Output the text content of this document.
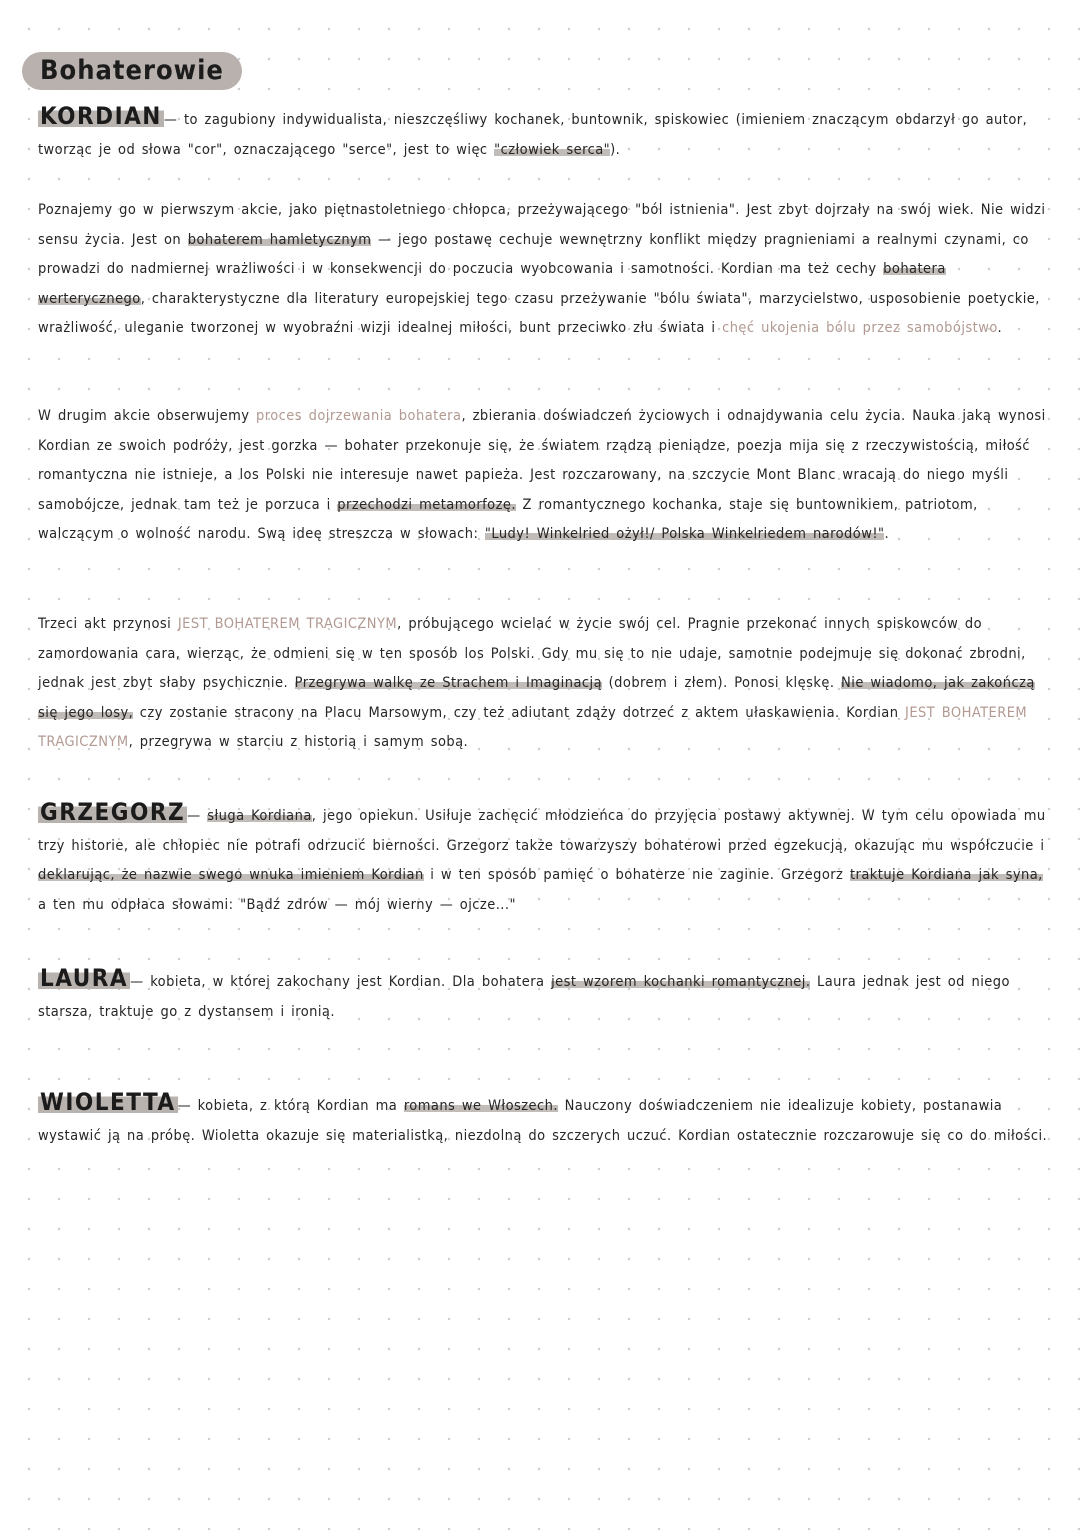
Bohaterowie

KORDIAN — to zagubiony indywidualista, nieszczęśliwy kochanek, buntownik, spiskowiec (imieniem znaczącym obdarzył go autor, tworząc je od słowa "cor", oznaczającego "serce", jest to więc "człowiek serca").

Poznajemy go w pierwszym akcie, jako piętnastoletniego chłopca, przeżywającego "ból istnienia". Jest zbyt dojrzały na swój wiek. Nie widzi sensu życia. Jest on bohaterem hamletycznym — jego postawę cechuje wewnętrzny konflikt między pragnieniami a realnymi czynami, co prowadzi do nadmiernej wrażliwości i w konsekwencji do poczucia wyobcowania i samotności. Kordian ma też cechy bohatera werterycznego, charakterystyczne dla literatury europejskiej tego czasu przeżywanie "bólu świata", marzycielstwo, usposobienie poetyckie, wrażliwość, uleganie tworzonej w wyobraźni wizji idealnej miłości, bunt przeciwko złu świata i chęć ukojenia bólu przez samobójstwo.

W drugim akcie obserwujemy proces dojrzewania bohatera, zbierania doświadczeń życiowych i odnajdywania celu życia. Nauka jaką wynosi Kordian ze swoich podróży, jest gorzka — bohater przekonuje się, że światem rządzą pieniądze, poezja mija się z rzeczywistością, miłość romantyczna nie istnieje, a los Polski nie interesuje nawet papieża. Jest rozczarowany, na szczycie Mont Blanc wracają do niego myśli samobójcze, jednak tam też je porzuca i przechodzi metamorfozę. Z romantycznego kochanka, staje się buntownikiem, patriotom, walczącym o wolność narodu. Swą ideę streszcza w słowach: "Ludy! Winkelried ożył!/ Polska Winkelriedem narodów!".

Trzeci akt przynosi JEST BOHATEREM TRAGICZNYM, próbującego wcielać w życie swój cel. Pragnie przekonać innych spiskowców do zamordowania cara, wierząc, że odmieni się w ten sposób los Polski. Gdy mu się to nie udaje, samotnie podejmuje się dokonać zbrodni, jednak jest zbyt słaby psychicznie. Przegrywa walkę ze Strachem i Imaginacją (dobrem i złem). Ponosi klęskę. Nie wiadomo, jak zakończą się jego losy, czy zostanie stracony na Placu Marsowym, czy też adiutant zdąży dotrzeć z aktem ułaskawienia. Kordian JEST BOHATEREM TRAGICZNYM, przegrywa w starciu z historią i samym sobą.

GRZEGORZ — sługa Kordiana, jego opiekun. Usiłuje zachęcić młodzieńca do przyjęcia postawy aktywnej. W tym celu opowiada mu trzy historie, ale chłopiec nie potrafi odrzucić bierności. Grzegorz także towarzyszy bohaterowi przed egzekucją, okazując mu współczucie i deklarując, że nazwie swego wnuka imieniem Kordian i w ten sposób pamięć o bohaterze nie zaginie. Grzegorz traktuje Kordiana jak syna, a ten mu odpłaca słowami: "Bądź zdrów — mój wierny — ojcze..."

LAURA — kobieta, w której zakochany jest Kordian. Dla bohatera jest wzorem kochanki romantycznej. Laura jednak jest od niego starsza, traktuje go z dystansem i ironią.

WIOLETTA — kobieta, z którą Kordian ma romans we Włoszech. Nauczony doświadczeniem nie idealizuje kobiety, postanawia wystawić ją na próbę. Wioletta okazuje się materialistką, niezdolną do szczerych uczuć. Kordian ostatecznie rozczarowuje się co do miłości.
